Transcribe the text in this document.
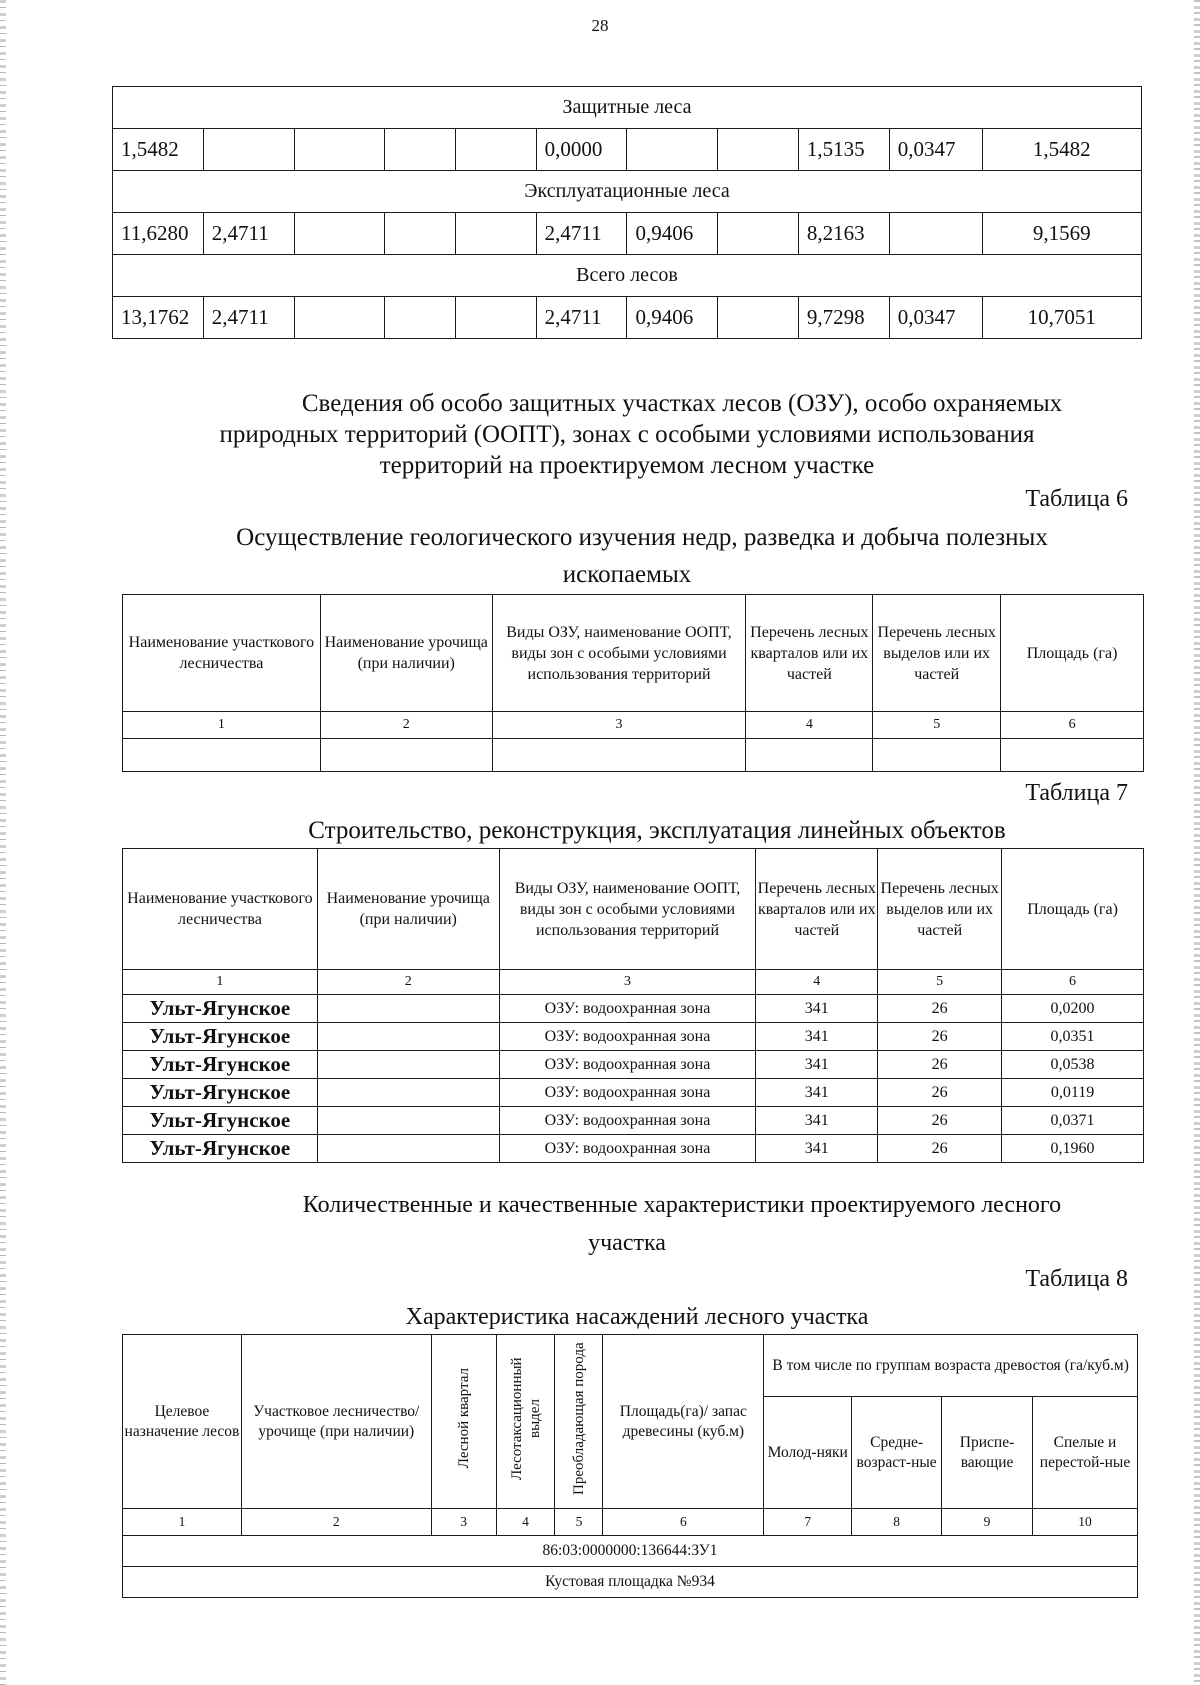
28
Защитные леса										
1,5482					0,0000			1,5135	0,0347	1,5482
Эксплуатационные леса										
11,6280	2,4711				2,4711	0,9406		8,2163		9,1569
Всего лесов										
13,1762	2,4711				2,4711	0,9406		9,7298	0,0347	10,7051
Сведения об особо защитных участках лесов (ОЗУ), особо охраняемых
природных территорий (ООПТ), зонах с особыми условиями использования
территорий на проектируемом лесном участке
Таблица 6
Осуществление геологического изучения недр, разведка и добыча полезных
ископаемых
Наименование участкового лесничества	Наименование урочища (при наличии)	Виды ОЗУ, наименование ООПТ, виды зон с особыми условиями использования территорий	Перечень лесных кварталов или их частей	Перечень лесных выделов или их частей	Площадь (га)
1	2	3	4	5	6

Таблица 7
Строительство, реконструкция, эксплуатация линейных объектов
Наименование участкового лесничества	Наименование урочища (при наличии)	Виды ОЗУ, наименование ООПТ, виды зон с особыми условиями использования территорий	Перечень лесных кварталов или их частей	Перечень лесных выделов или их частей	Площадь (га)
1	2	3	4	5	6
Ульт-Ягунское		ОЗУ: водоохранная зона	341	26	0,0200
Ульт-Ягунское		ОЗУ: водоохранная зона	341	26	0,0351
Ульт-Ягунское		ОЗУ: водоохранная зона	341	26	0,0538
Ульт-Ягунское		ОЗУ: водоохранная зона	341	26	0,0119
Ульт-Ягунское		ОЗУ: водоохранная зона	341	26	0,0371
Ульт-Ягунское		ОЗУ: водоохранная зона	341	26	0,1960
Количественные и качественные характеристики проектируемого лесного
участка
Таблица 8
Характеристика насаждений лесного участка
Целевое назначение лесов	Участковое лесничество/урочище (при наличии)	Лесной квартал	Лесотаксационный выдел	Преобладающая порода	Площадь(га)/ запас древесины (куб.м)	В том числе по группам возраста древостоя (га/куб.м)			
						Молод-няки	Средне-возраст-ные	Приспе-вающие	Спелые и перестой-ные
1	2	3	4	5	6	7	8	9	10
86:03:0000000:136644:ЗУ1									
Кустовая площадка №934									
